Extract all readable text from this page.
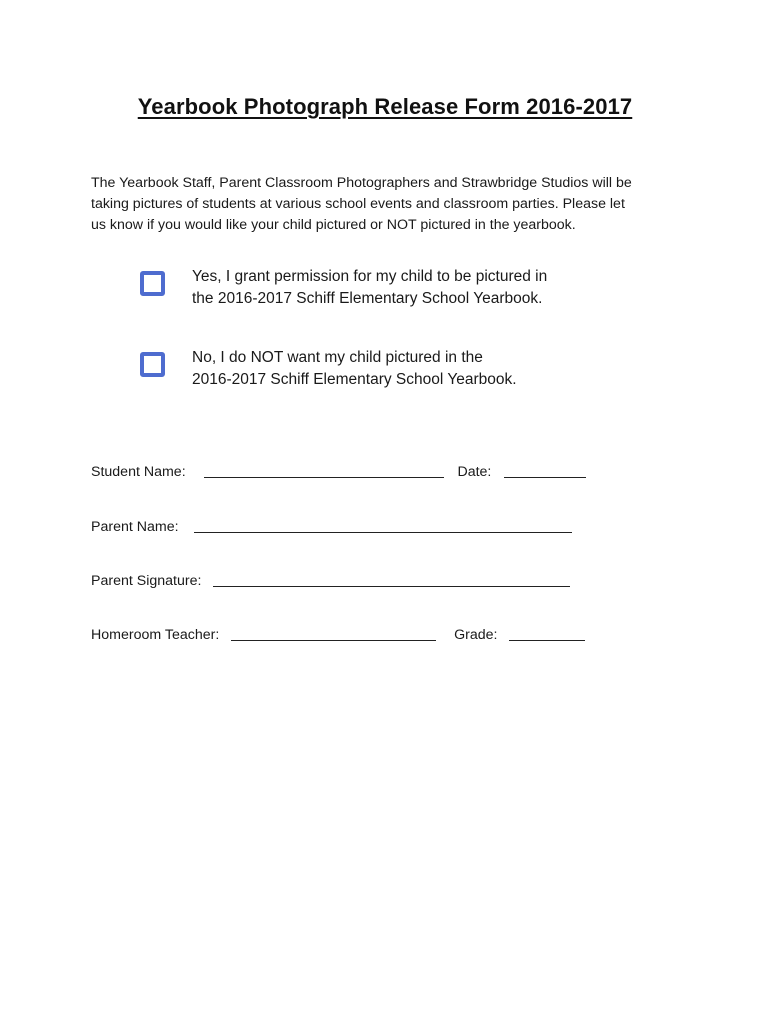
Yearbook Photograph Release Form 2016-2017
The Yearbook Staff, Parent Classroom Photographers and Strawbridge Studios will be
taking pictures of students at various school events and classroom parties. Please let
us know if you would like your child pictured or NOT pictured in the yearbook.
Yes, I grant permission for my child to be pictured in
the 2016-2017 Schiff Elementary School Yearbook.
No, I do NOT want my child pictured in the
2016-2017 Schiff Elementary School Yearbook.
Student Name:	Date:
Parent Name:
Parent Signature:
Homeroom Teacher:	Grade:
